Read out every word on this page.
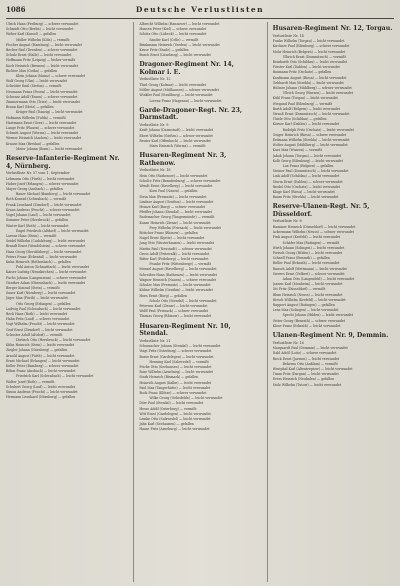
1086	Deutsche Verlustlisten
Ulrich Hans (Freiburg) — schwer verwundet
Schmidt Otto (Berlin) — leicht verwundet
Weber Karl (Kassel) — gefallen
Müller Wilhelm (Köln) — vermißt
Fischer August (Hamburg) — leicht verwundet
Becker Paul (Dresden) — schwer verwundet
Schulz Ernst (Halle) — leicht verwundet
Hoffmann Fritz (Leipzig) — bisher vermißt
Koch Heinrich (Bremen) — leicht verwundet
Richter Max (Gotha) — gefallen
Klein Johann (Mainz) — schwer verwundet
Wolf Georg (Ulm) — leicht verwundet
Schröder Emil (Stettin) — vermißt
Neumann Franz (Posen) — leicht verwundet
Schwarz Adolf (Essen) — schwer verwundet
Zimmermann Otto (Trier) — leicht verwundet
Braun Karl (Metz) — gefallen
Krüger Paul (Danzig) — leicht verwundet
Hofmann Wilhelm (Fulda) — vermißt
Hartmann Ernst (Gera) — leicht verwundet
Lange Fritz (Plauen) — schwer verwundet
Schmitt August (Worms) — leicht verwundet
Werner Heinrich (Aachen) — leicht verwundet
Krause Max (Breslau) — gefallen
Meier Johann (Bonn) — leicht verwundet
Reserve-Infanterie-Regiment Nr. 4, Nürnberg.
Verlustliste Nr. 57 vom 1. September
Lehmann Otto (Fürth) — leicht verwundet
Huber Josef (Erlangen) — schwer verwundet
Mayer Georg (Ansbach) — gefallen
Bauer Michael (Bamberg) — leicht verwundet
Roth Konrad (Schwabach) — vermißt
Frank Leonhard (Zirndorf) — leicht verwundet
Kraus Andreas (Feucht) — schwer verwundet
Vogel Johann (Lauf) — leicht verwundet
Sommer Peter (Hersbruck) — gefallen
Winter Karl (Roth) — leicht verwundet
Engel Friedrich (Altdorf) — leicht verwundet
Lorenz Hans (Stein) — vermißt
Seidel Wilhelm (Cadolzburg) — leicht verwundet
Brandt Ernst (Wendelstein) — schwer verwundet
Haas Georg (Heroldsberg) — leicht verwundet
Peters Franz (Eckental) — leicht verwundet
Kuhn Heinrich (Röthenbach) — gefallen
Pohl Anton (Schnaittach) — leicht verwundet
Kaiser Ludwig (Neunkirchen) — leicht verwundet
Fuchs Johann (Langenzenn) — schwer verwundet
Günther Adam (Oberasbach) — leicht verwundet
Berger Konrad (Stein) — vermißt
Sauer Karl (Nürnberg) — leicht verwundet
Jäger Max (Fürth) — leicht verwundet
Otto Georg (Erlangen) — gefallen
Ludwig Paul (Schwabach) — leicht verwundet
Beck Hans (Roth) — leicht verwundet
Hahn Fritz (Lauf) — schwer verwundet
Vogt Wilhelm (Feucht) — leicht verwundet
Graf Ernst (Zirndorf) — leicht verwundet
Schuster Adolf (Altdorf) — vermißt
Dietrich Otto (Hersbruck) — leicht verwundet
Kühn Heinrich (Stein) — leicht verwundet
Ziegler Johann (Nürnberg) — gefallen
Arnold August (Fürth) — leicht verwundet
Ernst Michael (Erlangen) — leicht verwundet
Keller Peter (Bamberg) — schwer verwundet
Böhm Franz (Ansbach) — leicht verwundet
Friedrich Karl (Schwabach) — leicht verwundet
Walter Josef (Roth) — vermißt
Schubert Georg (Lauf) — leicht verwundet
Simon Andreas (Feucht) — leicht verwundet
Hermann Leonhard (Nürnberg) — gefallen
Albrecht Wilhelm (Hannover) — leicht verwundet
Hansen Peter (Kiel) — schwer verwundet
Schütz Otto (Lübeck) — leicht verwundet
Sander Karl (Celle) — vermißt
Brinkmann Heinrich (Verden) — leicht verwundet
Kruse Fritz (Stade) — gefallen
Busch Ernst (Lüneburg) — leicht verwundet
Dragoner-Regiment Nr. 14, Kolmar i. E.
Verlustliste Nr. 12
Thiel Georg (Kolmar) — leicht verwundet
Möller August (Mülhausen) — schwer verwundet
Winkler Paul (Straßburg) — leicht verwundet
Lorenz Franz (Hagenau) — leicht verwundet
Garde-Dragoner-Regt. Nr. 23, Darmstadt.
Verlustliste Nr. 9
Kraft Johann (Darmstadt) — leicht verwundet
Ebert Wilhelm (Gießen) — schwer verwundet
Reuter Karl (Offenbach) — leicht verwundet
Marx Heinrich (Worms) — vermißt
Husaren-Regiment Nr. 3, Rathenow.
Verlustliste Nr. 18
Hein Otto (Rathenow) — leicht verwundet
Schulte Fritz (Brandenburg) — schwer verwundet
Wendt Ernst (Havelberg) — leicht verwundet
Korn Paul (Nauen) — gefallen
Stein Max (Premnitz) — leicht verwundet
Lindner August (Genthin) — leicht verwundet
Heinze Karl (Burg) — schwer verwundet
Pfeiffer Johann (Stendal) — leicht verwundet
Rademacher Georg (Tangermünde) — vermißt
Kunze Heinrich (Ziesar) — leicht verwundet
Frey Wilhelm (Friesack) — leicht verwundet
Böttcher Franz (Rhinow) — gefallen
Nagel Ernst (Kyritz) — leicht verwundet
Jung Otto (Wusterhausen) — leicht verwundet
Martin Paul (Neustadt) — schwer verwundet
Gross Adolf (Pritzwalk) — leicht verwundet
Ritter Karl (Perleberg) — leicht verwundet
Franke Fritz (Wittenberge) — vermißt
Menzel August (Havelberg) — leicht verwundet
Schreiber Hans (Rathenow) — leicht verwundet
Wagner Heinrich (Nauen) — schwer verwundet
Schulze Max (Premnitz) — leicht verwundet
Kühne Wilhelm (Genthin) — leicht verwundet
Horn Ernst (Burg) — gefallen
Scholz Otto (Stendal) — leicht verwundet
Petersen Karl (Ziesar) — leicht verwundet
Wolff Paul (Friesack) — schwer verwundet
Thomas Georg (Rhinow) — leicht verwundet
Husaren-Regiment Nr. 10, Stendal.
Verlustliste Nr. 21
Schumacher Johann (Stendal) — leicht verwundet
Voigt Fritz (Osterburg) — schwer verwundet
Busse Ernst (Gardelegen) — leicht verwundet
Henning Karl (Salzwedel) — vermißt
Fricke Otto (Seehausen) — leicht verwundet
Rose Wilhelm (Arneburg) — leicht verwundet
Stark Heinrich (Bismark) — gefallen
Heinrich August (Kalbe) — leicht verwundet
Paul Max (Tangerhütte) — leicht verwundet
Bock Franz (Klötze) — schwer verwundet
Wilke Georg (Oebisfelde) — leicht verwundet
Dörr Paul (Stendal) — leicht verwundet
Hesse Adolf (Osterburg) — vermißt
Witt Ernst (Gardelegen) — leicht verwundet
Lemke Otto (Salzwedel) — leicht verwundet
Jahn Karl (Seehausen) — gefallen
Haase Fritz (Arneburg) — leicht verwundet
Husaren-Regiment Nr. 12, Torgau.
Verlustliste Nr. 14
Funke Wilhelm (Torgau) — leicht verwundet
Kirchner Paul (Eilenburg) — schwer verwundet
Mohr Heinrich (Belgern) — leicht verwundet
Ulbrich Ernst (Dommitzsch) — vermißt
Reinhardt Otto (Schildau) — leicht verwundet
Förster Karl (Dahlen) — leicht verwundet
Baumann Fritz (Oschatz) — gefallen
Kaufmann August (Riesa) — leicht verwundet
Gebhardt Max (Strehla) — leicht verwundet
Hübner Johann (Mühlberg) — schwer verwundet
Ullrich Georg (Wurzen) — leicht verwundet
Kühl Franz (Torgau) — leicht verwundet
Wiegand Paul (Eilenburg) — vermißt
Barth Adolf (Belgern) — leicht verwundet
Strauß Ernst (Dommitzsch) — leicht verwundet
Thiele Otto (Schildau) — gefallen
Körner Karl (Dahlen) — leicht verwundet
Rudolph Fritz (Oschatz) — leicht verwundet
Geiger Heinrich (Riesa) — schwer verwundet
Erdmann Wilhelm (Strehla) — leicht verwundet
Wolter August (Mühlberg) — leicht verwundet
Kurz Max (Wurzen) — vermißt
Jakob Johann (Torgau) — leicht verwundet
Kolb Georg (Eilenburg) — leicht verwundet
Lux Franz (Belgern) — gefallen
Steiner Paul (Dommitzsch) — leicht verwundet
Link Adolf (Schildau) — leicht verwundet
Sturm Ernst (Dahlen) — schwer verwundet
Riedel Otto (Oschatz) — leicht verwundet
Kluge Karl (Riesa) — leicht verwundet
Baum Fritz (Strehla) — leicht verwundet
Reserve-Ulanen-Regt. Nr. 5, Düsseldorf.
Verlustliste Nr. 8
Hammer Heinrich (Düsseldorf) — leicht verwundet
Ackermann Wilhelm (Neuss) — schwer verwundet
Fink August (Krefeld) — leicht verwundet
Schäfer Max (Ratingen) — vermißt
Wirth Johann (Solingen) — leicht verwundet
Pietsch Georg (Hilden) — leicht verwundet
Schnell Franz (Benrath) — gefallen
Heller Paul (Erkrath) — leicht verwundet
Rausch Adolf (Mettmann) — leicht verwundet
Sievers Ernst (Velbert) — schwer verwundet
Adam Otto (Langenfeld) — leicht verwundet
Jansen Karl (Monheim) — leicht verwundet
Ott Fritz (Düsseldorf) — vermißt
Blum Heinrich (Neuss) — leicht verwundet
Hirsch Wilhelm (Krefeld) — leicht verwundet
Ruppert August (Ratingen) — gefallen
Lenz Max (Solingen) — leicht verwundet
Specht Johann (Hilden) — leicht verwundet
Vetter Georg (Benrath) — schwer verwundet
Klose Franz (Erkrath) — leicht verwundet
Ulanen-Regiment Nr. 9, Demmin.
Verlustliste Nr. 16
Marquardt Paul (Demmin) — leicht verwundet
Dahl Adolf (Loitz) — schwer verwundet
Rieck Ernst (Jarmen) — leicht verwundet
Behrens Otto (Anklam) — vermißt
Westphal Karl (Altentreptow) — leicht verwundet
Timm Fritz (Dargun) — leicht verwundet
Evers Heinrich (Neukalen) — gefallen
Stolz Wilhelm (Tutow) — leicht verwundet
